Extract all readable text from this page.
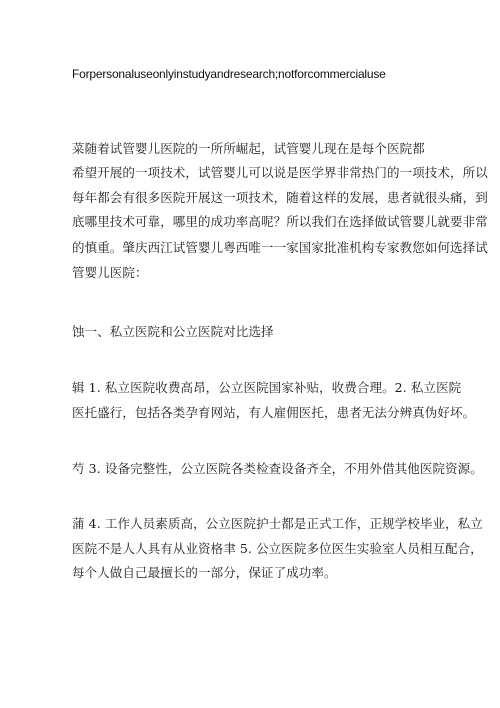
Forpersonaluseonlyinstudyandresearch;notforcommercialuse
菜随着试管婴儿医院的一所所崛起，试管婴儿现在是每个医院都
希望开展的一项技术，试管婴儿可以说是医学界非常热门的一项技术，所以
每年都会有很多医院开展这一项技术，随着这样的发展，患者就很头痛，到
底哪里技术可靠，哪里的成功率高呢？所以我们在选择做试管婴儿就要非常
的慎重。肇庆西江试管婴儿粤西唯一一家国家批准机构专家教您如何选择试
管婴儿医院：
蚀一、私立医院和公立医院对比选择
辑 1. 私立医院收费高昂，公立医院国家补贴，收费合理。2. 私立医院
医托盛行，包括各类孕育网站，有人雇佣医托，患者无法分辨真伪好坏。
芍 3. 设备完整性，公立医院各类检查设备齐全，不用外借其他医院资源。
蒲 4. 工作人员素质高，公立医院护士都是正式工作，正规学校毕业，私立
医院不是人人具有从业资格聿 5. 公立医院多位医生实验室人员相互配合，
每个人做自己最擅长的一部分，保证了成功率。
